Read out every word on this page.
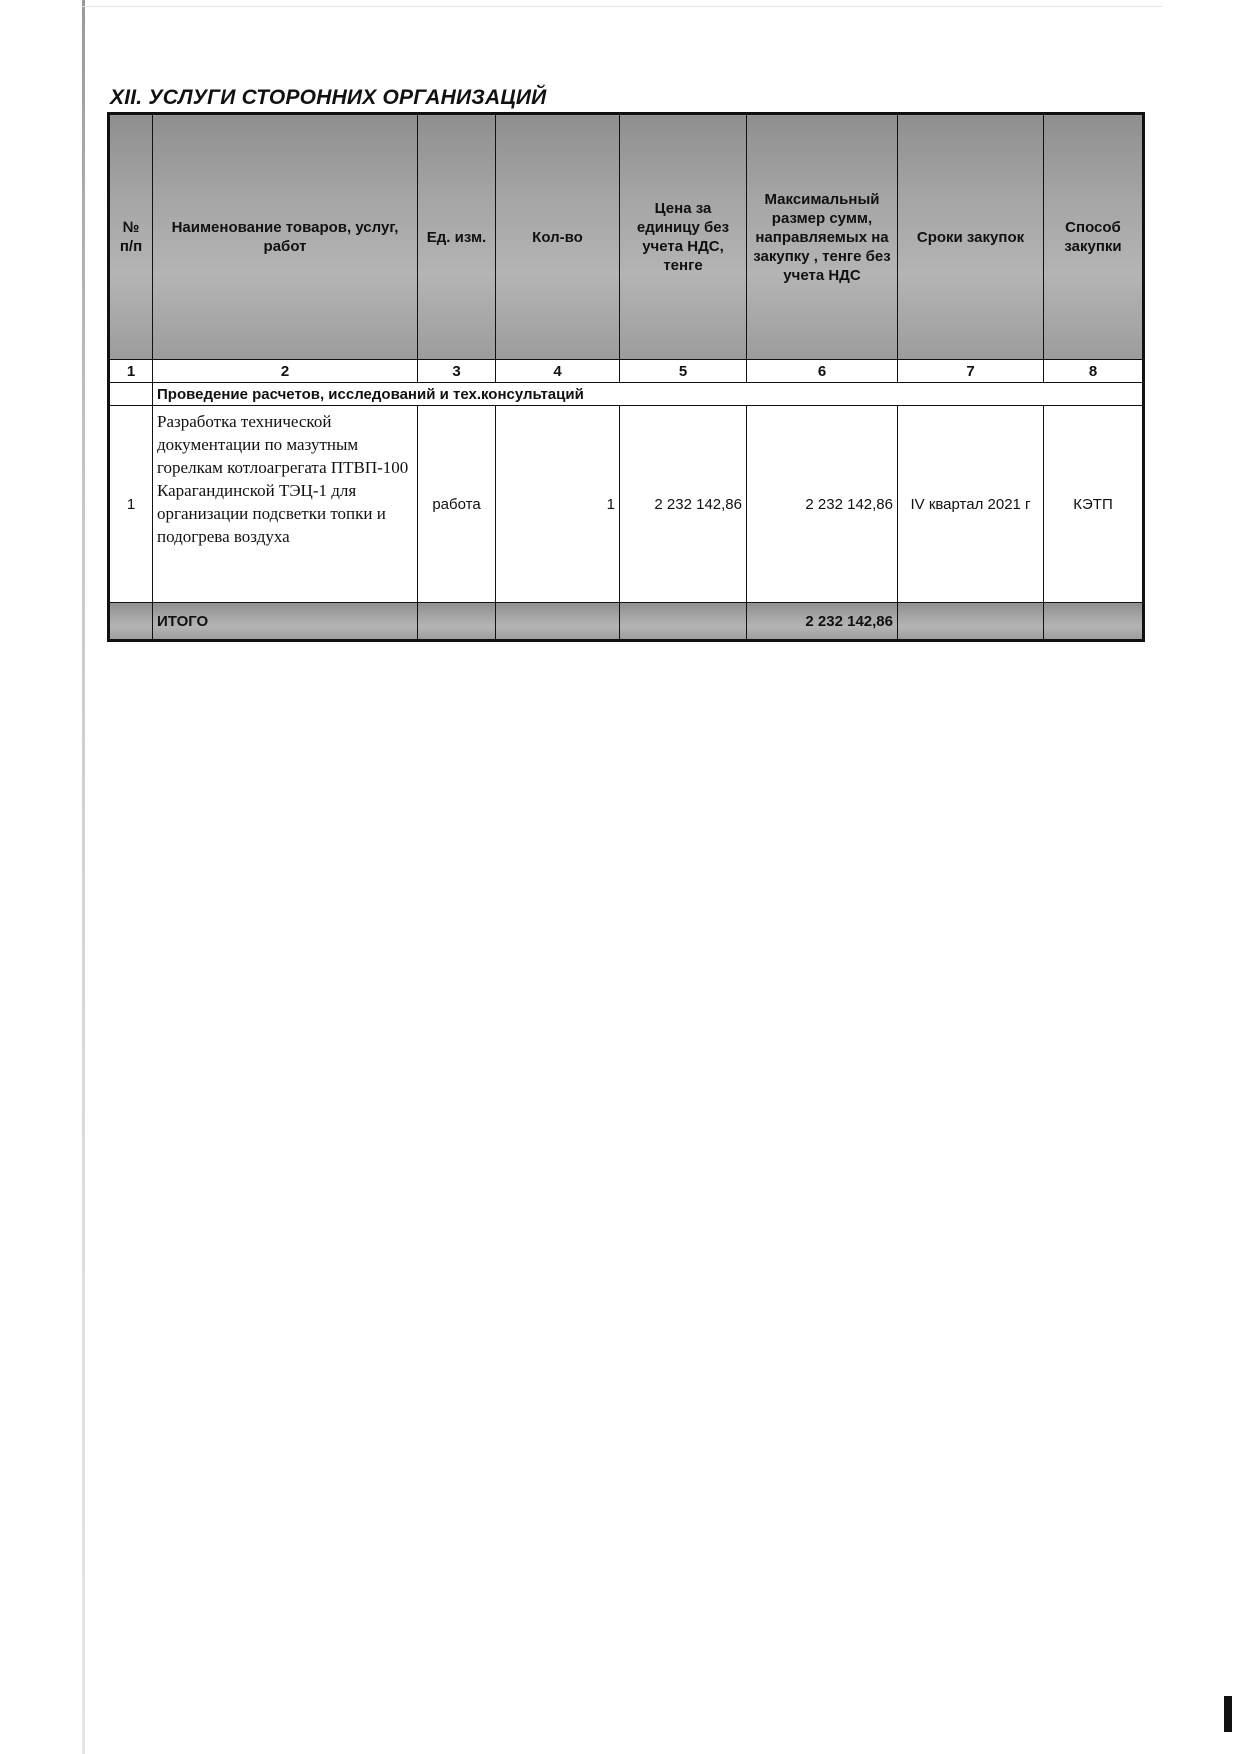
XII. УСЛУГИ СТОРОННИХ ОРГАНИЗАЦИЙ
№ п/п	Наименование товаров, услуг, работ	Ед. изм.	Кол-во	Цена за единицу без учета НДС, тенге	Максимальный размер сумм, направляемых на закупку , тенге без учета НДС	Сроки закупок	Способ закупки
1	2	3	4	5	6	7	8
	Проведение расчетов, исследований и тех.консультаций						
1	Разработка технической документации по мазутным горелкам котлоагрегата ПТВП-100 Карагандинской ТЭЦ-1 для организации подсветки топки и подогрева воздуха	работа	1	2 232 142,86	2 232 142,86	IV квартал 2021 г	КЭТП
	ИТОГО				2 232 142,86		
